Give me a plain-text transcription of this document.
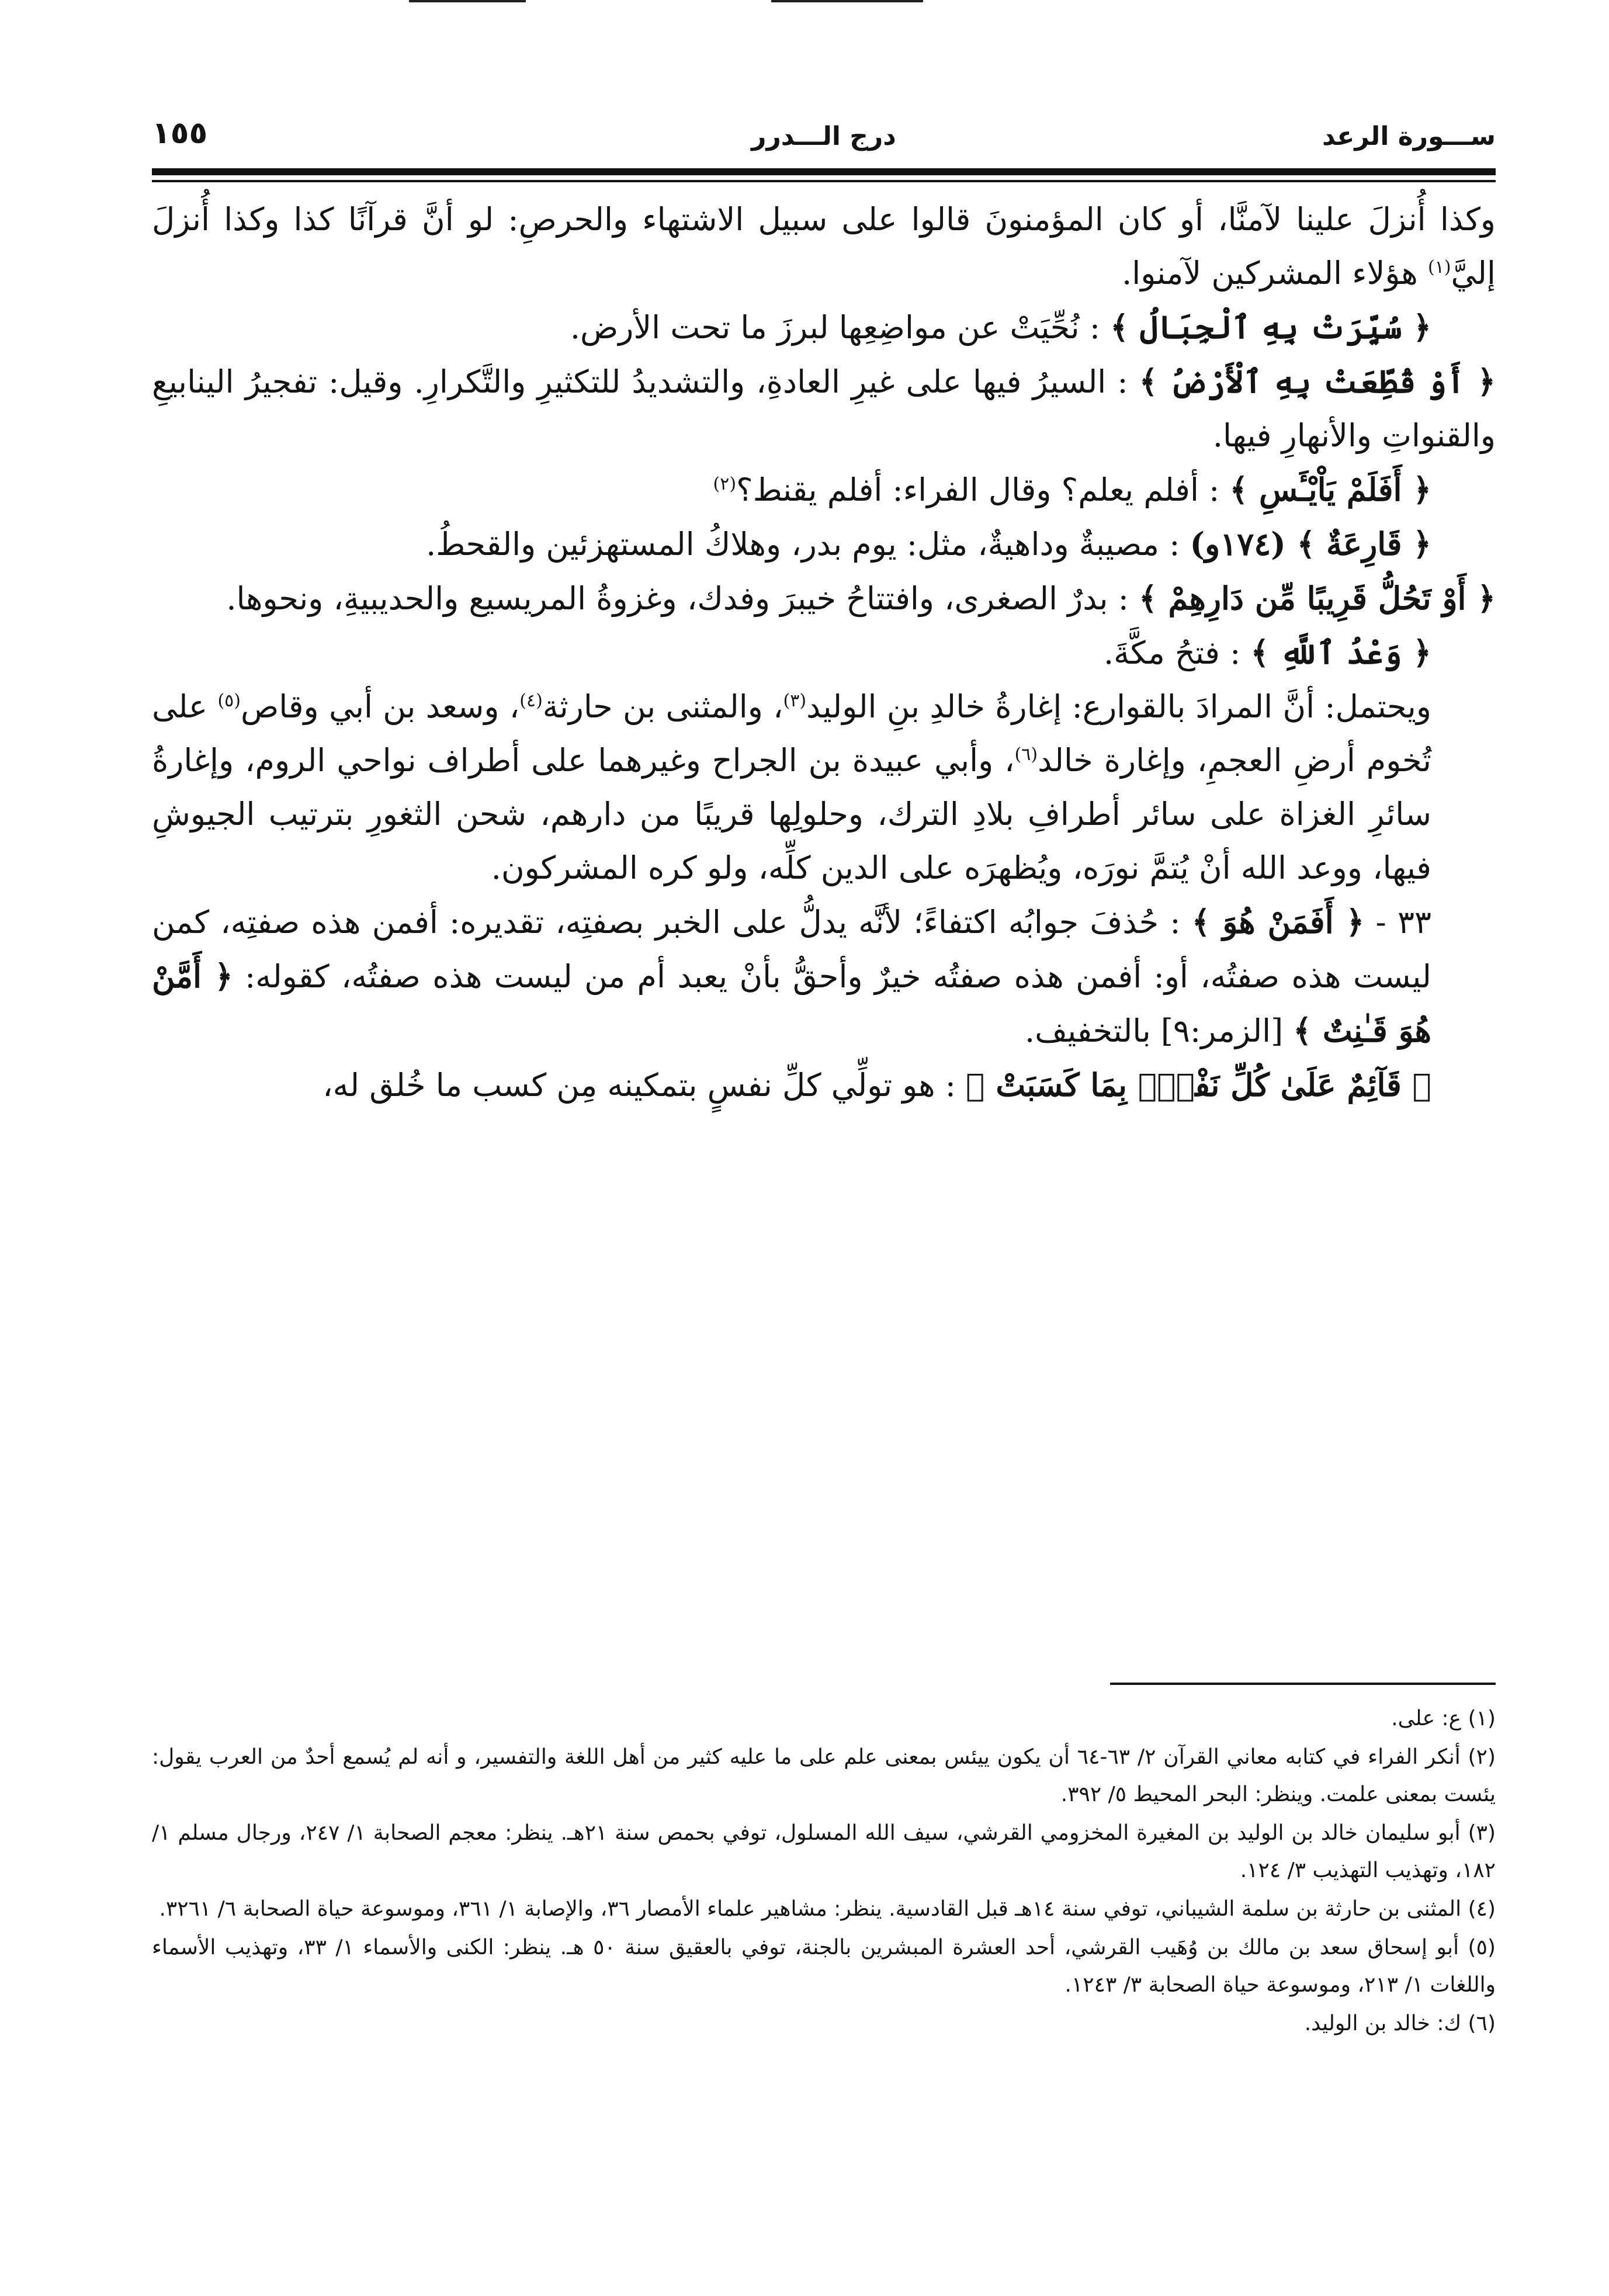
ســـورة الرعد
درج الـــدرر
١٥٥

وكذا أُنزلَ علينا لآمنَّا، أو كان المؤمنونَ قالوا على سبيل الاشتهاء والحرصِ: لو أنَّ قرآنًا كذا وكذا أُنزلَ إليَّ$^{(١)}$ هؤلاء المشركين لآمنوا.

﴿ سُيِّرَتْ بِهِ ٱلْجِبَالُ ﴾ : نُحِّيَتْ عن مواضِعِها لبرزَ ما تحت الأرض.

﴿ أَوْ قُطِّعَتْ بِهِ ٱلْأَرْضُ ﴾ : السيرُ فيها على غيرِ العادةِ، والتشديدُ للتكثيرِ والتَّكرارِ. وقيل: تفجيرُ الينابيعِ والقنواتِ والأنهارِ فيها.

﴿ أَفَلَمْ يَاْيْـَٔسِ ﴾ : أفلم يعلم؟ وقال الفراء: أفلم يقنط؟$^{(٢)}$

﴿ قَارِعَةٌ ﴾ (١٧٤و) : مصيبةٌ وداهيةٌ، مثل: يوم بدر، وهلاكُ المستهزئين والقحطُ.

﴿ أَوْ تَحُلُّ قَرِيبًا مِّن دَارِهِمْ ﴾ : بدرٌ الصغرى، وافتتاحُ خيبرَ وفدك، وغزوةُ المريسيع والحديبيةِ، ونحوها.

﴿ وَعْدُ ٱللَّهِ ﴾ : فتحُ مكَّةَ.

ويحتمل: أنَّ المرادَ بالقوارع: إغارةُ خالدِ بنِ الوليد$^{(٣)}$، والمثنى بن حارثة$^{(٤)}$، وسعد بن أبي وقاص$^{(٥)}$ على تُخوم أرضِ العجمِ، وإغارة خالد$^{(٦)}$، وأبي عبيدة بن الجراح وغيرهما على أطراف نواحي الروم، وإغارةُ سائرِ الغزاة على سائر أطرافِ بلادِ الترك، وحلولِها قريبًا من دارهم، شحن الثغورِ بترتيب الجيوشِ فيها، ووعد الله أنْ يُتمَّ نورَه، ويُظهرَه على الدين كلِّه، ولو كره المشركون.

٣٣ - ﴿ أَفَمَنْ هُوَ ﴾ : حُذفَ جوابُه اكتفاءً؛ لأنَّه يدلُّ على الخبر بصفتِه، تقديره: أفمن هذه صفتِه، كمن ليست هذه صفتُه، أو: أفمن هذه صفتُه خيرٌ وأحقُّ بأنْ يعبد أم من ليست هذه صفتُه، كقوله: ﴿ أَمَّنْ هُوَ قَـٰنِتٌ ﴾ [الزمر:٩] بالتخفيف.

﴿ قَآئِمٌ عَلَىٰ كُلِّ نَفْسٍۭ بِمَا كَسَبَتْ ﴾ : هو تولِّي كلِّ نفسٍ بتمكينه مِن كسب ما خُلق له،

(١) ع: على.

(٢) أنكر الفراء في كتابه معاني القرآن ٢/ ٦٣-٦٤ أن يكون ييئس بمعنى علم على ما عليه كثير من أهل اللغة والتفسير، و أنه لم يُسمع أحدٌ من العرب يقول: يئست بمعنى علمت. وينظر: البحر المحيط ٥/ ٣٩٢.

(٣) أبو سليمان خالد بن الوليد بن المغيرة المخزومي القرشي، سيف الله المسلول، توفي بحمص سنة ٢١هـ. ينظر: معجم الصحابة ١/ ٢٤٧، ورجال مسلم ١/ ١٨٢، وتهذيب التهذيب ٣/ ١٢٤.

(٤) المثنى بن حارثة بن سلمة الشيباني، توفي سنة ١٤هـ قبل القادسية. ينظر: مشاهير علماء الأمصار ٣٦، والإصابة ١/ ٣٦١، وموسوعة حياة الصحابة ٦/ ٣٢٦١.

(٥) أبو إسحاق سعد بن مالك بن وُهَيب القرشي، أحد العشرة المبشرين بالجنة، توفي بالعقيق سنة ٥٠ هـ. ينظر: الكنى والأسماء ١/ ٣٣، وتهذيب الأسماء واللغات ١/ ٢١٣، وموسوعة حياة الصحابة ٣/ ١٢٤٣.

(٦) ك: خالد بن الوليد.
